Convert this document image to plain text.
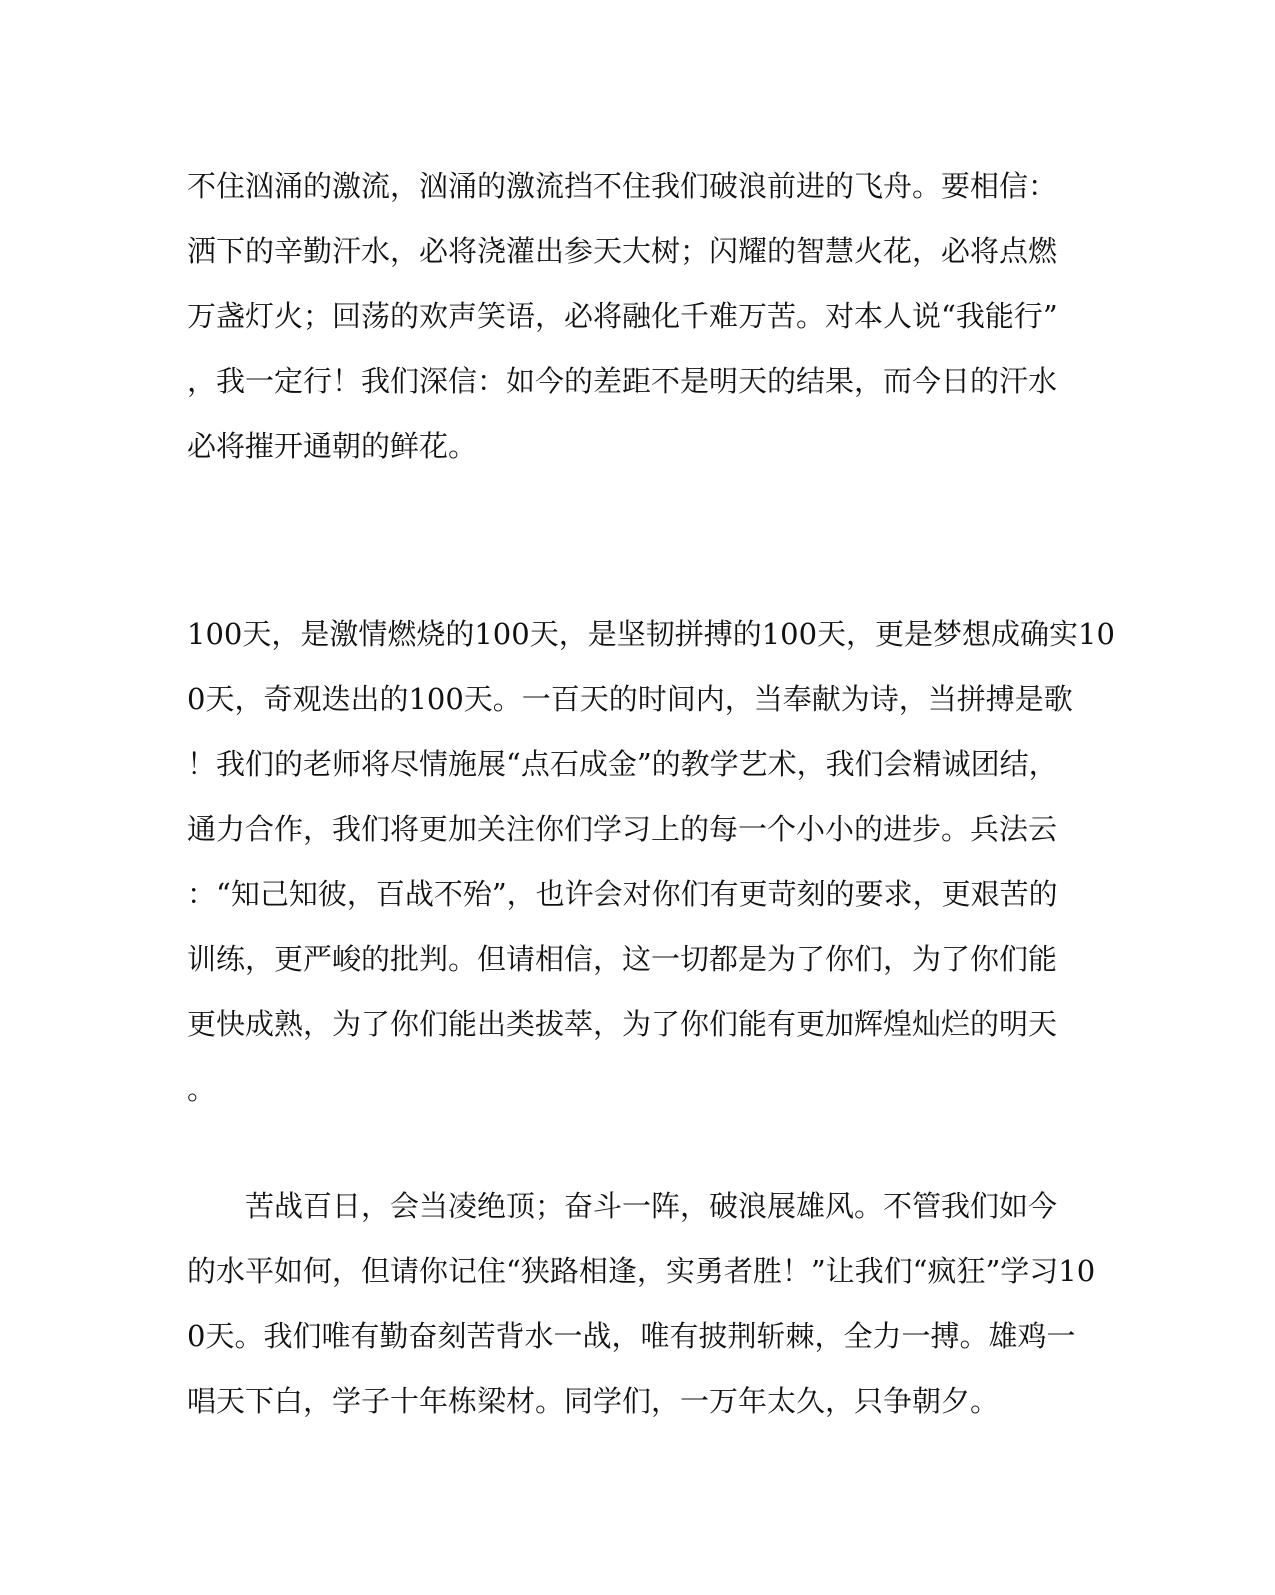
不住汹涌的激流，汹涌的激流挡不住我们破浪前进的飞舟。要相信：
洒下的辛勤汗水，必将浇灌出参天大树；闪耀的智慧火花，必将点燃
万盏灯火；回荡的欢声笑语，必将融化千难万苦。对本人说“我能行”
，我一定行！我们深信：如今的差距不是明天的结果，而今日的汗水
必将摧开通朝的鲜花。
100天，是激情燃烧的100天，是坚韧拼搏的100天，更是梦想成确实10
0天，奇观迭出的100天。一百天的时间内，当奉献为诗，当拼搏是歌
！我们的老师将尽情施展“点石成金”的教学艺术，我们会精诚团结，
通力合作，我们将更加关注你们学习上的每一个小小的进步。兵法云
：“知己知彼，百战不殆”，也许会对你们有更苛刻的要求，更艰苦的
训练，更严峻的批判。但请相信，这一切都是为了你们，为了你们能
更快成熟，为了你们能出类拔萃，为了你们能有更加辉煌灿烂的明天
。
　　苦战百日，会当凌绝顶；奋斗一阵，破浪展雄风。不管我们如今
的水平如何，但请你记住“狭路相逢，实勇者胜！”让我们“疯狂”学习10
0天。我们唯有勤奋刻苦背水一战，唯有披荆斩棘，全力一搏。雄鸡一
唱天下白，学子十年栋梁材。同学们，一万年太久，只争朝夕。
